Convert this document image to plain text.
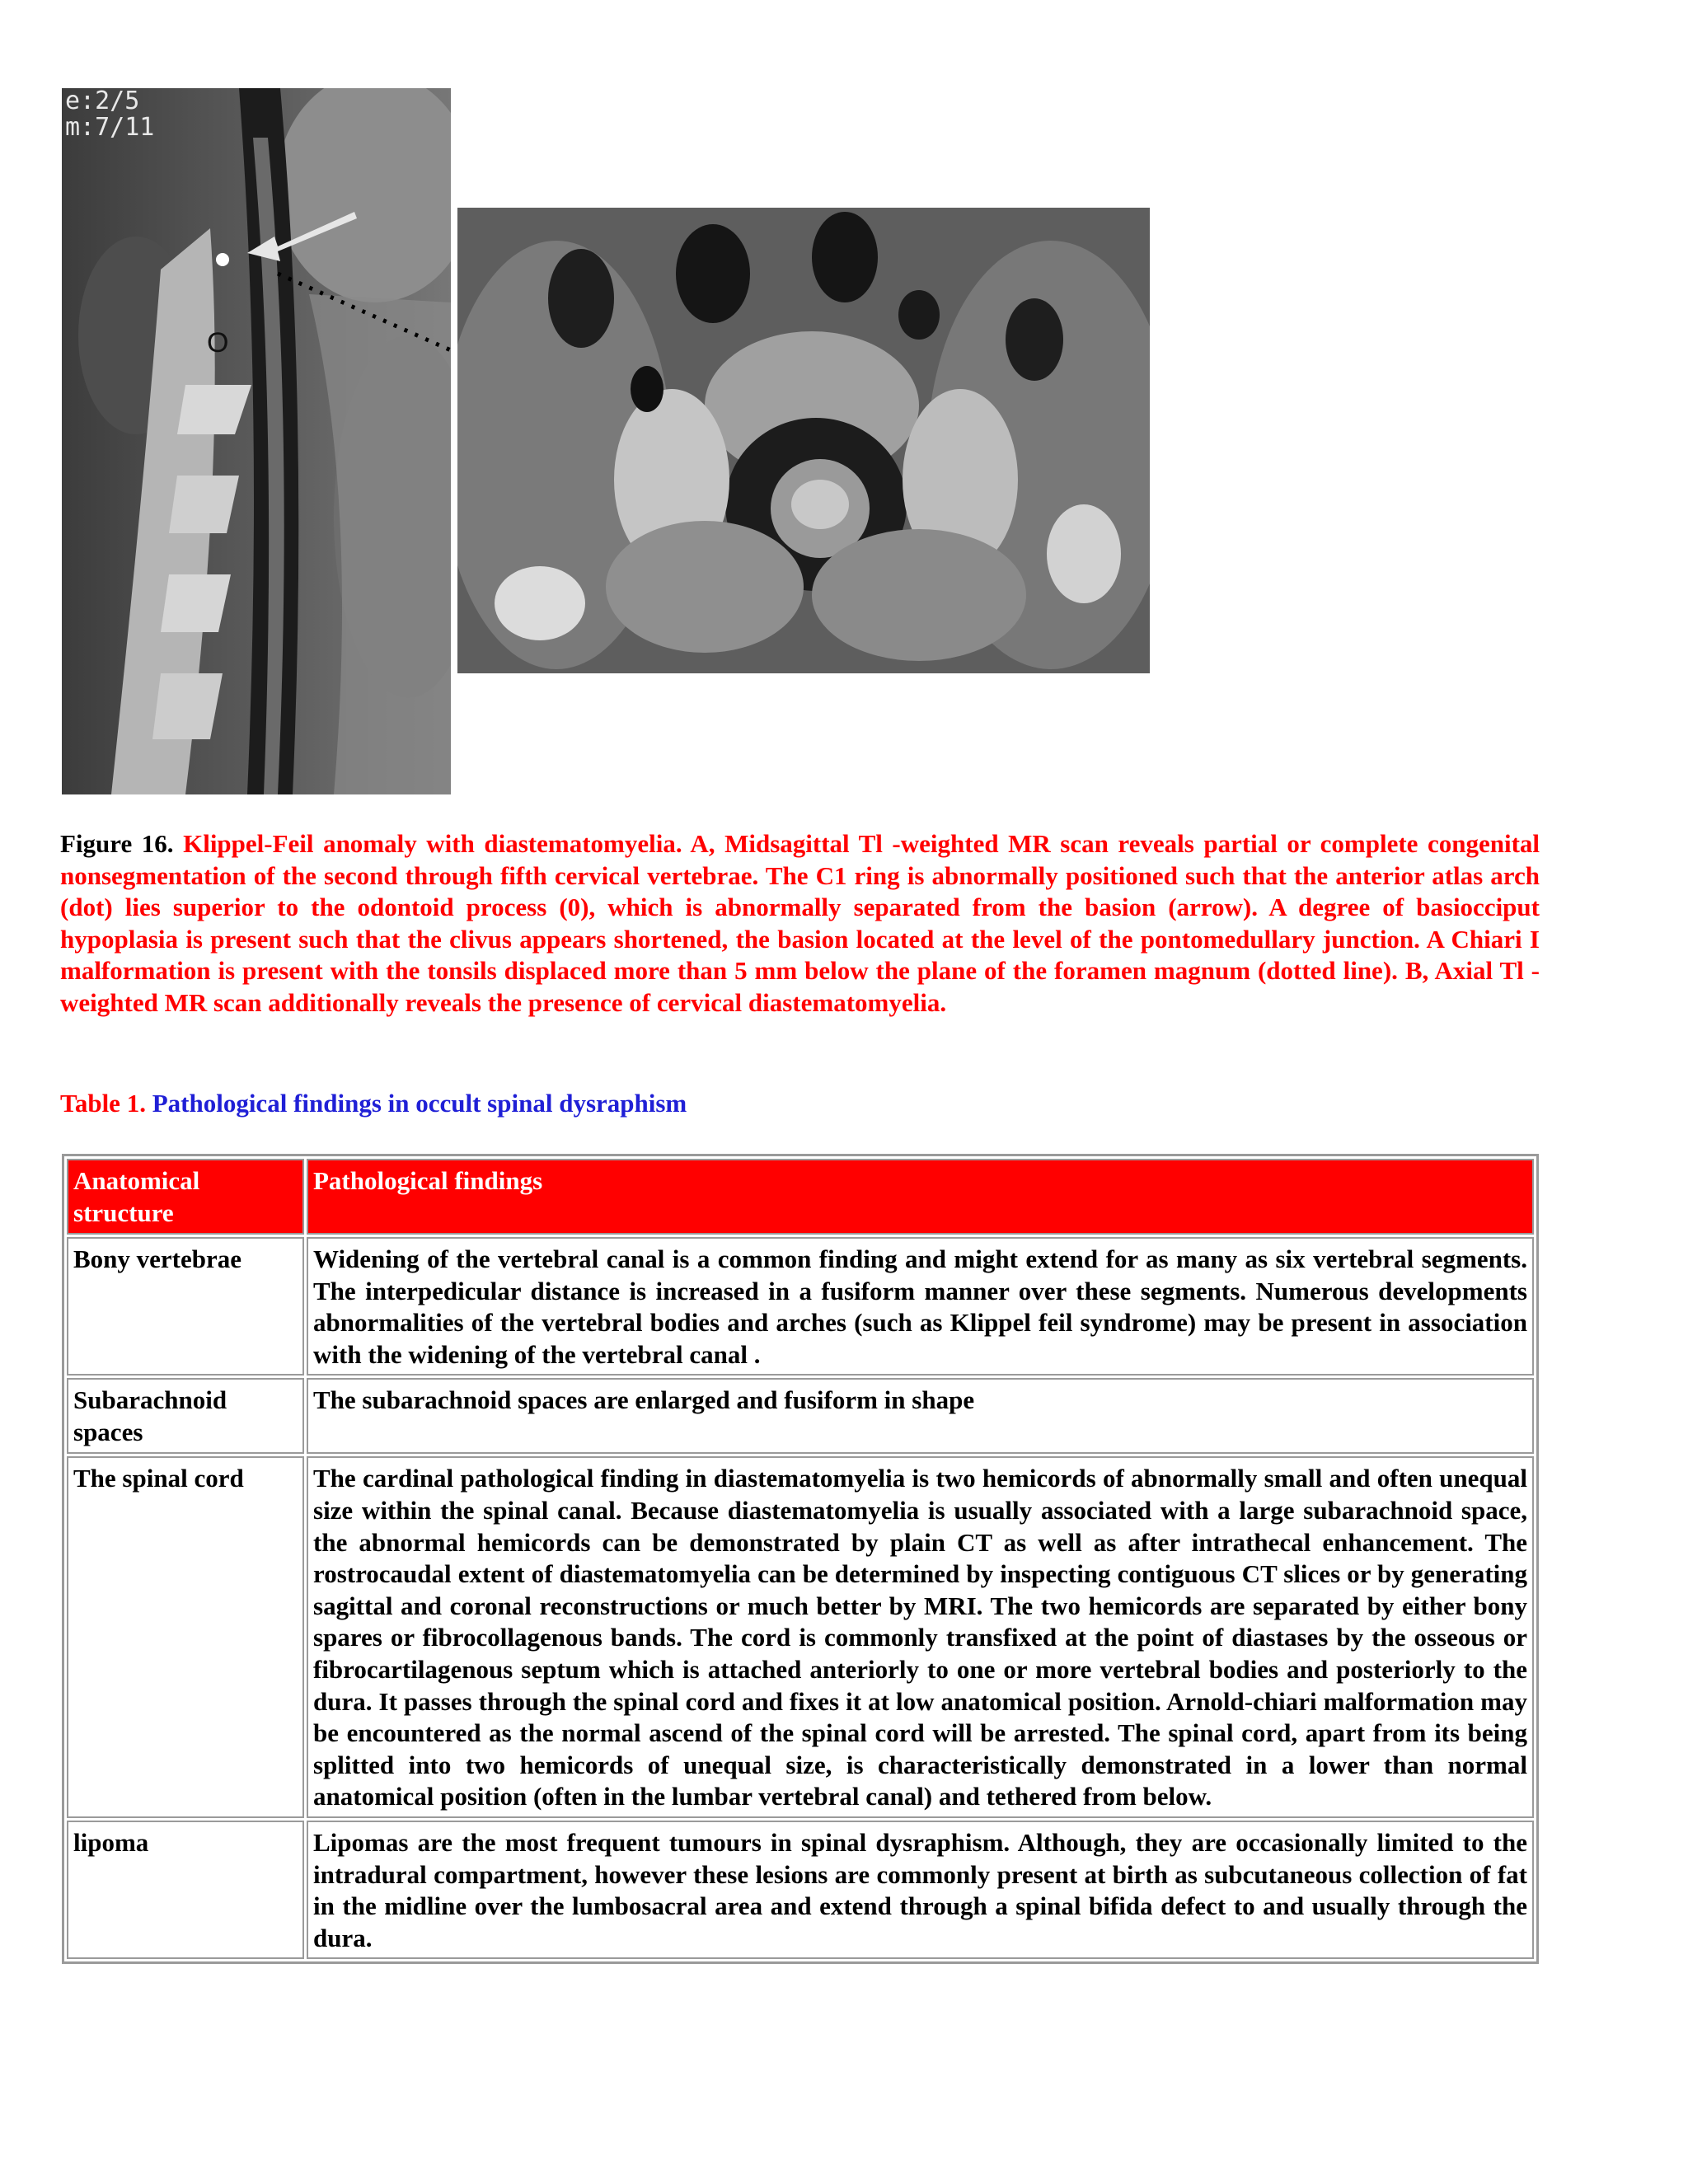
e:2/5
m:7/11
O
Figure 16. Klippel-Feil anomaly with diastematomyelia. A, Midsagittal Tl -weighted MR scan reveals partial or complete congenital nonsegmentation of the second through fifth cervical vertebrae. The C1 ring is abnormally positioned such that the anterior atlas arch (dot) lies superior to the odontoid process (0), which is abnormally separated from the basion (arrow). A degree of basiocciput hypoplasia is present such that the clivus appears shortened, the basion located at the level of the pontomedullary junction. A Chiari I malformation is present with the tonsils displaced more than 5 mm below the plane of the foramen magnum (dotted line). B, Axial Tl - weighted MR scan additionally reveals the presence of cervical diastematomyelia.
Table 1. Pathological findings in occult spinal dysraphism
Anatomical structure	Pathological findings
Bony vertebrae	Widening of the vertebral canal is a common finding and might extend for as many as six vertebral segments. The interpedicular distance is increased in a fusiform manner over these segments. Numerous developments abnormalities of the vertebral bodies and arches (such as Klippel feil syndrome) may be present in association with the widening of the vertebral canal .
Subarachnoid spaces	The subarachnoid spaces are enlarged and fusiform in shape
The spinal cord	The cardinal pathological finding in diastematomyelia is two hemicords of abnormally small and often unequal size within the spinal canal. Because diastematomyelia is usually associated with a large subarachnoid space, the abnormal hemicords can be demonstrated by plain CT as well as after intrathecal enhancement. The rostrocaudal extent of diastematomyelia can be determined by inspecting contiguous CT slices or by generating sagittal and coronal reconstructions or much better by MRI. The two hemicords are separated by either bony spares or fibrocollagenous bands. The cord is commonly transfixed at the point of diastases by the osseous or fibrocartilagenous septum which is attached anteriorly to one or more vertebral bodies and posteriorly to the dura. It passes through the spinal cord and fixes it at low anatomical position. Arnold-chiari malformation may be encountered as the normal ascend of the spinal cord will be arrested. The spinal cord, apart from its being splitted into two hemicords of unequal size, is characteristically demonstrated in a lower than normal anatomical position (often in the lumbar vertebral canal) and tethered from below.
lipoma	Lipomas are the most frequent tumours in spinal dysraphism. Although, they are occasionally limited to the intradural compartment, however these lesions are commonly present at birth as subcutaneous collection of fat in the midline over the lumbosacral area and extend through a spinal bifida defect to and usually through the dura.
